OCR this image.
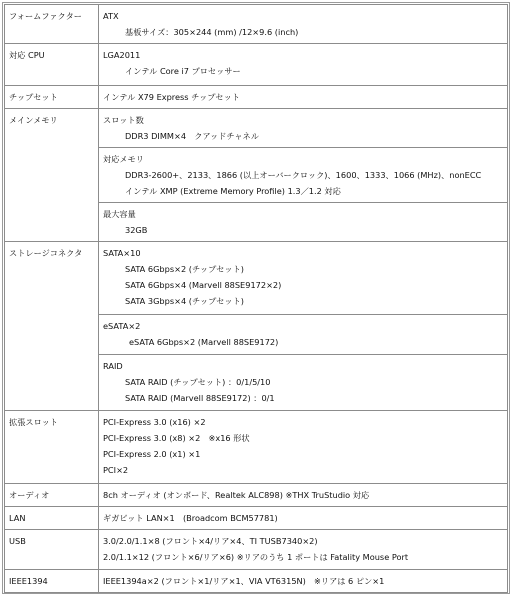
フォームファクター	ATX
基板サイズ：305×244 (mm) /12×9.6 (inch)

対応 CPU	LGA2011
インテル Core i7 プロセッサー

チップセット	インテル X79 Express チップセット

メインメモリ	スロット数
DDR3 DIMM×4　クアッドチャネル

	対応メモリ
DDR3-2600+、2133、1866 (以上オーバークロック)、1600、1333、1066 (MHz)、nonECC
インテル XMP (Extreme Memory Profile) 1.3／1.2 対応

	最大容量
32GB

ストレージコネクタ	SATA×10
SATA 6Gbps×2 (チップセット)
SATA 6Gbps×4 (Marvell 88SE9172×2)
SATA 3Gbps×4 (チップセット)

	eSATA×2
eSATA 6Gbps×2 (Marvell 88SE9172)

	RAID
SATA RAID (チップセット) ：0/1/5/10
SATA RAID (Marvell 88SE9172) ：0/1

拡張スロット	PCI-Express 3.0 (x16) ×2
PCI-Express 3.0 (x8) ×2　※x16 形状
PCI-Express 2.0 (x1) ×1
PCI×2

オーディオ	8ch オーディオ (オンボード、Realtek ALC898) ※THX TruStudio 対応

LAN	ギガビット LAN×1　(Broadcom BCM57781)

USB	3.0/2.0/1.1×8 (フロント×4/リア×4、TI TUSB7340×2)
2.0/1.1×12 (フロント×6/リア×6) ※リアのうち 1 ポートは Fatality Mouse Port

IEEE1394	IEEE1394a×2 (フロント×1/リア×1、VIA VT6315N)　※リアは 6 ピン×1
